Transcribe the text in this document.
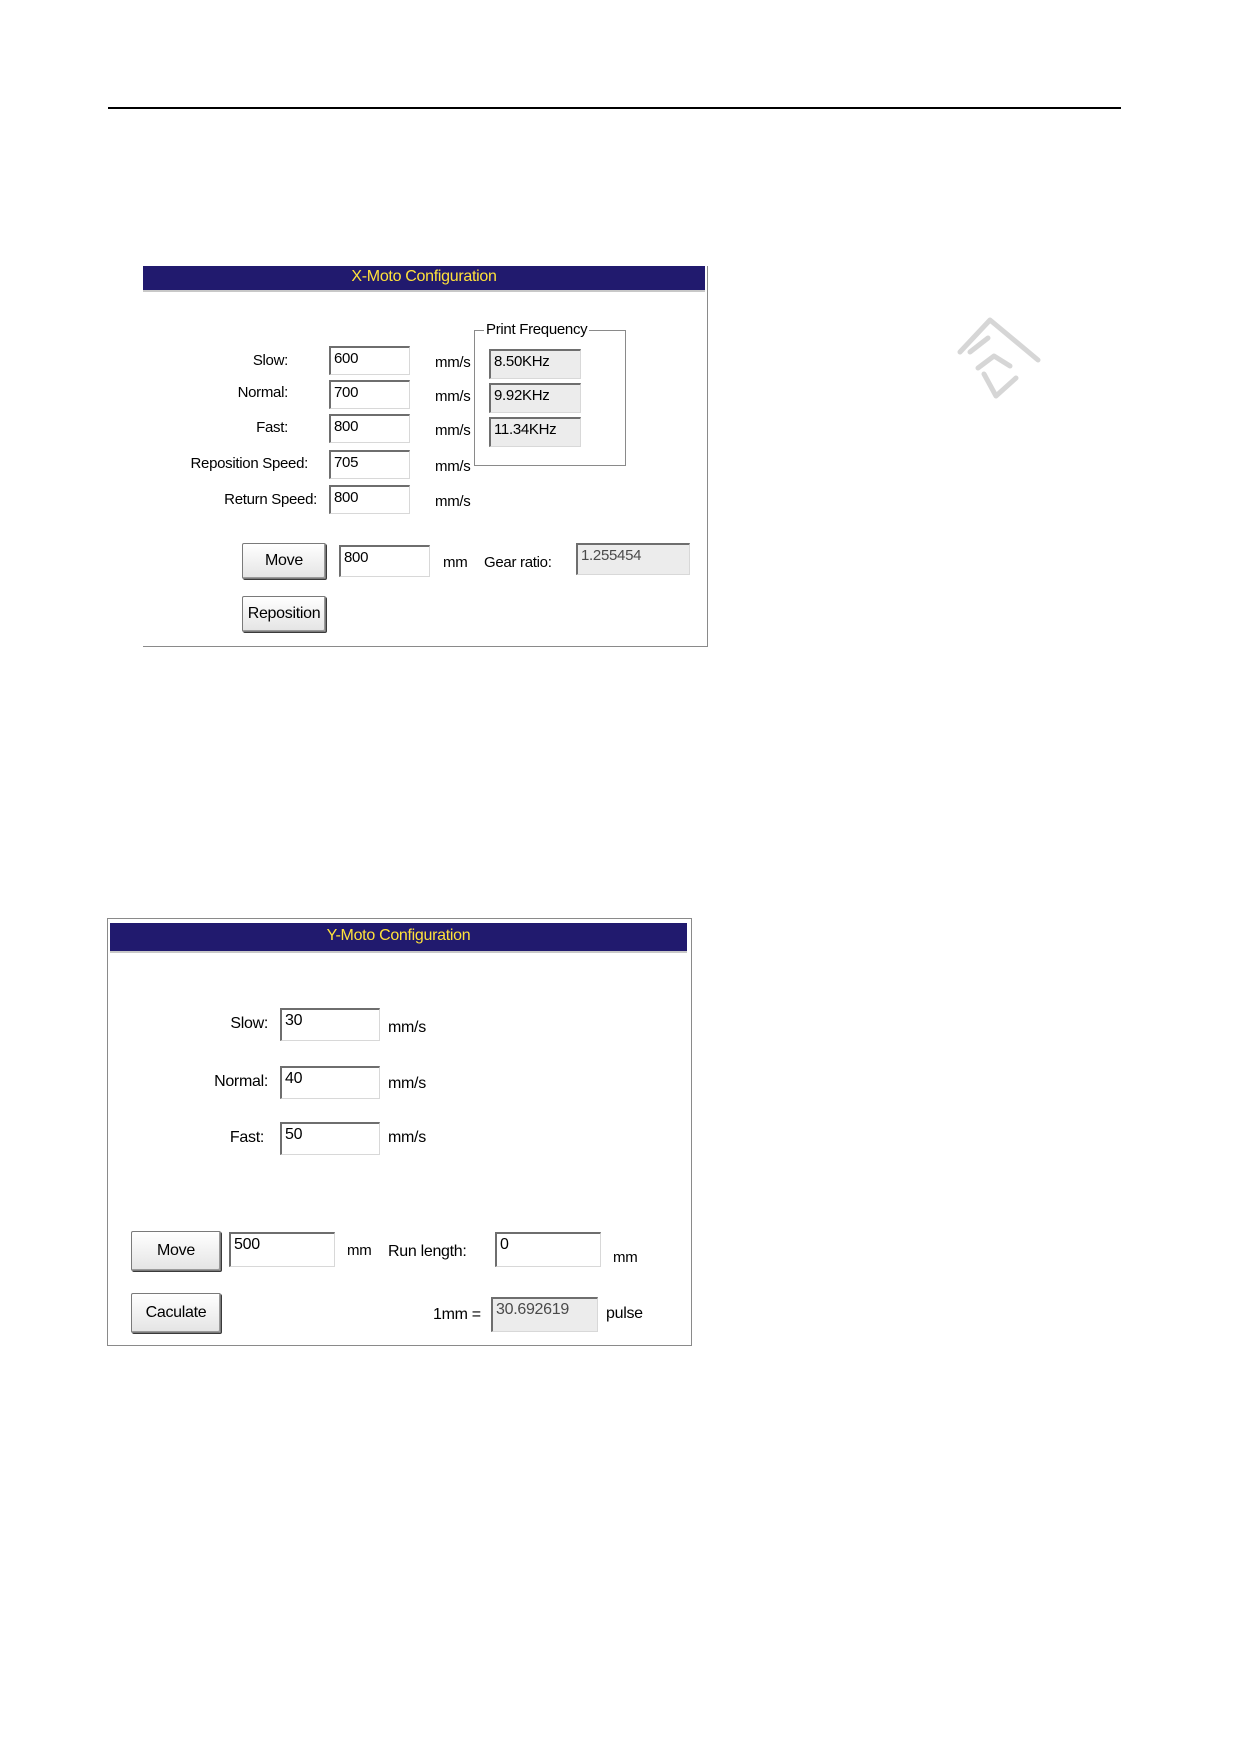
X-Moto Configuration
Slow:	600	mm/s
Normal:	700	mm/s
Fast:	800	mm/s
Reposition Speed:	705	mm/s
Return Speed:	800	mm/s
Print Frequency
8.50KHz
9.92KHz
11.34KHz
Move	800	mm Gear ratio:	1.255454
Reposition
Y-Moto Configuration
Slow:	30	mm/s
Normal:	40	mm/s
Fast:	50	mm/s
Move	500	mm Run length:	0
mm
Caculate	1mm = 30.692619	pulse
